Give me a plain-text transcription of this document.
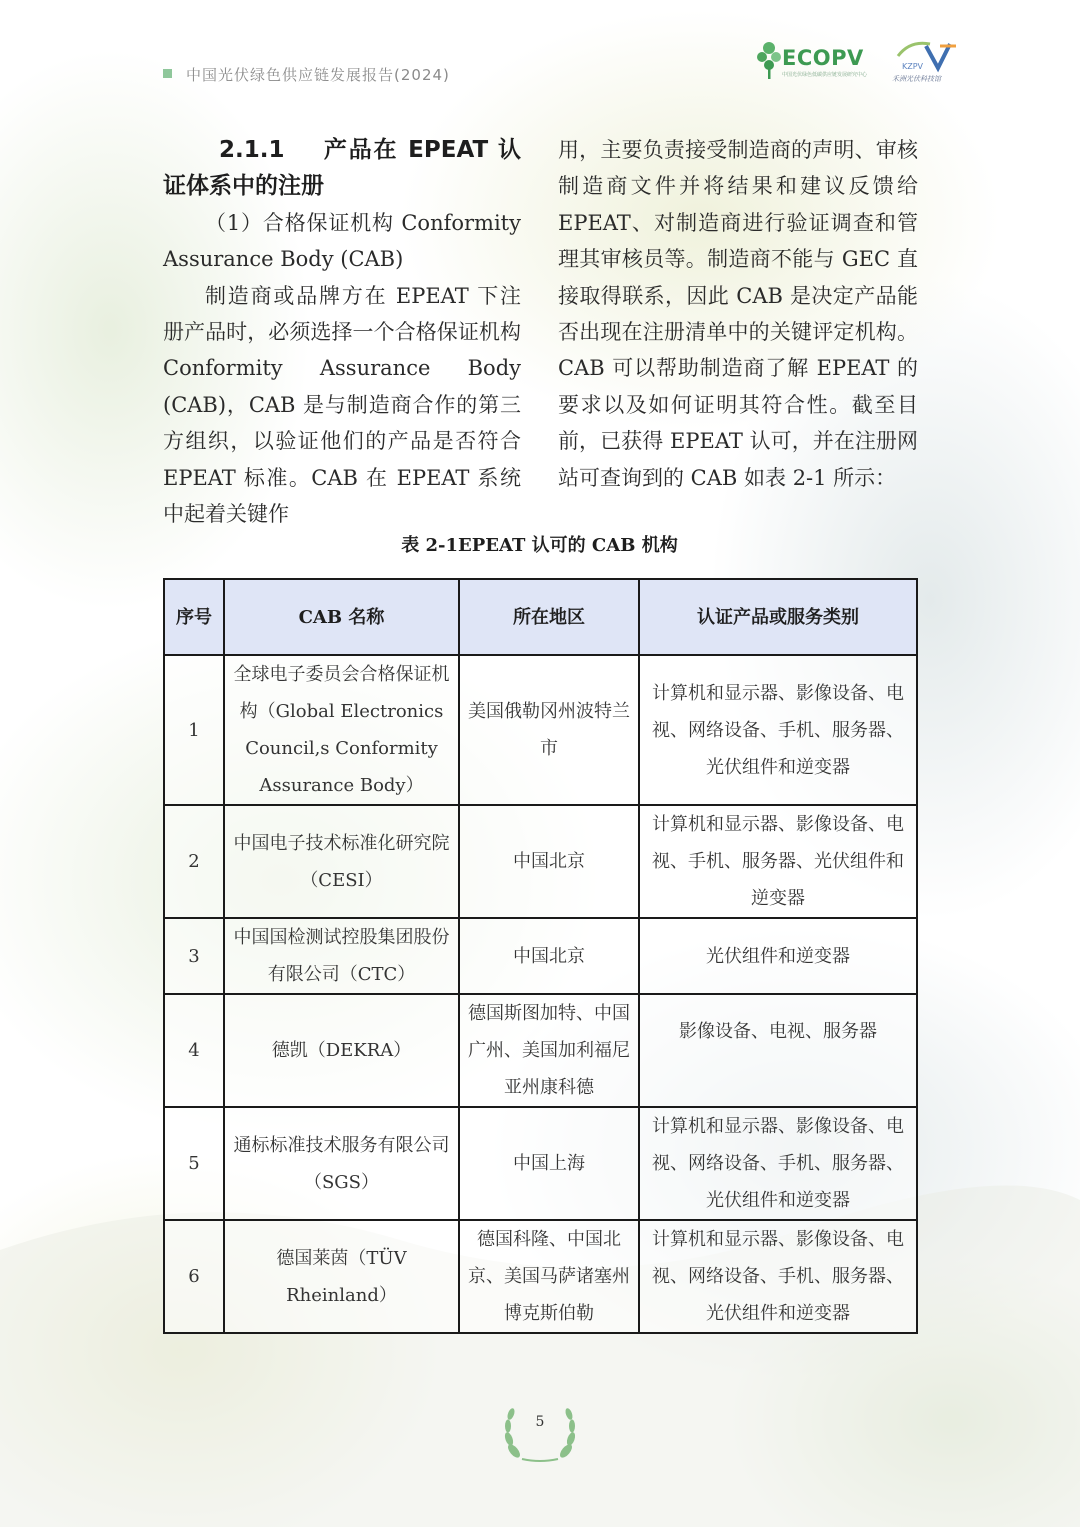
中国光伏绿色供应链发展报告(2024)
ECOPV
中国光伏绿色低碳供应链发展研究中心
KZPV
禾洲光伏科技馆
2.1.1 产品在 EPEAT 认证体系中的注册
（1）合格保证机构 Conformity Assurance Body (CAB)
制造商或品牌方在 EPEAT 下注册产品时，必须选择一个合格保证机构 Conformity Assurance Body (CAB)，CAB 是与制造商合作的第三方组织，以验证他们的产品是否符合 EPEAT 标准。CAB 在 EPEAT 系统中起着关键作
用，主要负责接受制造商的声明、审核制造商文件并将结果和建议反馈给 EPEAT、对制造商进行验证调查和管理其审核员等。制造商不能与 GEC 直接取得联系，因此 CAB 是决定产品能否出现在注册清单中的关键评定机构。CAB 可以帮助制造商了解 EPEAT 的要求以及如何证明其符合性。截至目前，已获得 EPEAT 认可，并在注册网站可查询到的 CAB 如表 2-1 所示：
表 2-1EPEAT 认可的 CAB 机构
序号	CAB 名称	所在地区	认证产品或服务类别
1	全球电子委员会合格保证机构（Global Electronics Council,s Conformity Assurance Body）	美国俄勒冈州波特兰市	计算机和显示器、影像设备、电视、网络设备、手机、服务器、光伏组件和逆变器
2	中国电子技术标准化研究院（CESI）	中国北京	计算机和显示器、影像设备、电视、手机、服务器、光伏组件和逆变器
3	中国国检测试控股集团股份有限公司（CTC）	中国北京	光伏组件和逆变器
4	德凯（DEKRA）	德国斯图加特、中国广州、美国加利福尼亚州康科德	影像设备、电视、服务器
5	通标标准技术服务有限公司（SGS）	中国上海	计算机和显示器、影像设备、电视、网络设备、手机、服务器、光伏组件和逆变器
6	德国莱茵（TÜV Rheinland）	德国科隆、中国北京、美国马萨诸塞州博克斯伯勒	计算机和显示器、影像设备、电视、网络设备、手机、服务器、光伏组件和逆变器
5
